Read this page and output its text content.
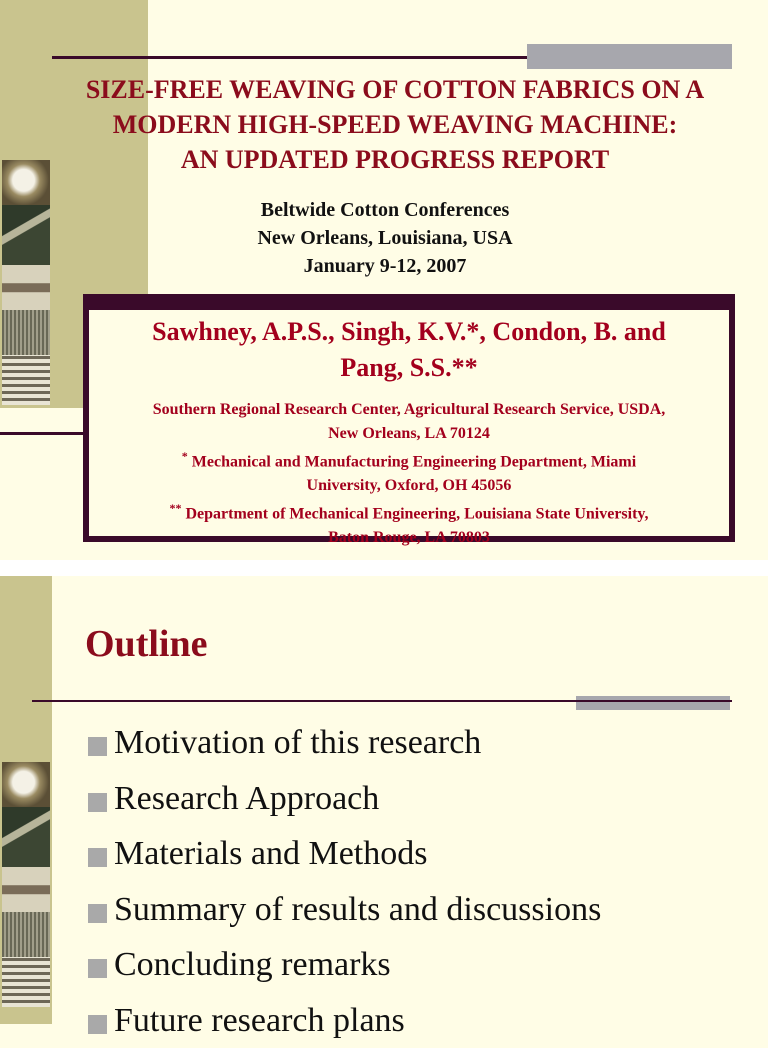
SIZE-FREE WEAVING OF COTTON FABRICS ON A
MODERN HIGH-SPEED WEAVING MACHINE:
AN UPDATED PROGRESS REPORT
Beltwide Cotton Conferences
New Orleans, Louisiana, USA
January 9-12, 2007
Sawhney, A.P.S., Singh, K.V.*, Condon, B. and
Pang, S.S.**
Southern Regional Research Center, Agricultural Research Service, USDA,
New Orleans, LA 70124
* Mechanical and Manufacturing Engineering Department, Miami
University, Oxford, OH 45056
** Department of Mechanical Engineering, Louisiana State University,
Baton Rouge, LA 70803
Outline
Motivation of this research
Research Approach
Materials and Methods
Summary of results and discussions
Concluding remarks
Future research plans
